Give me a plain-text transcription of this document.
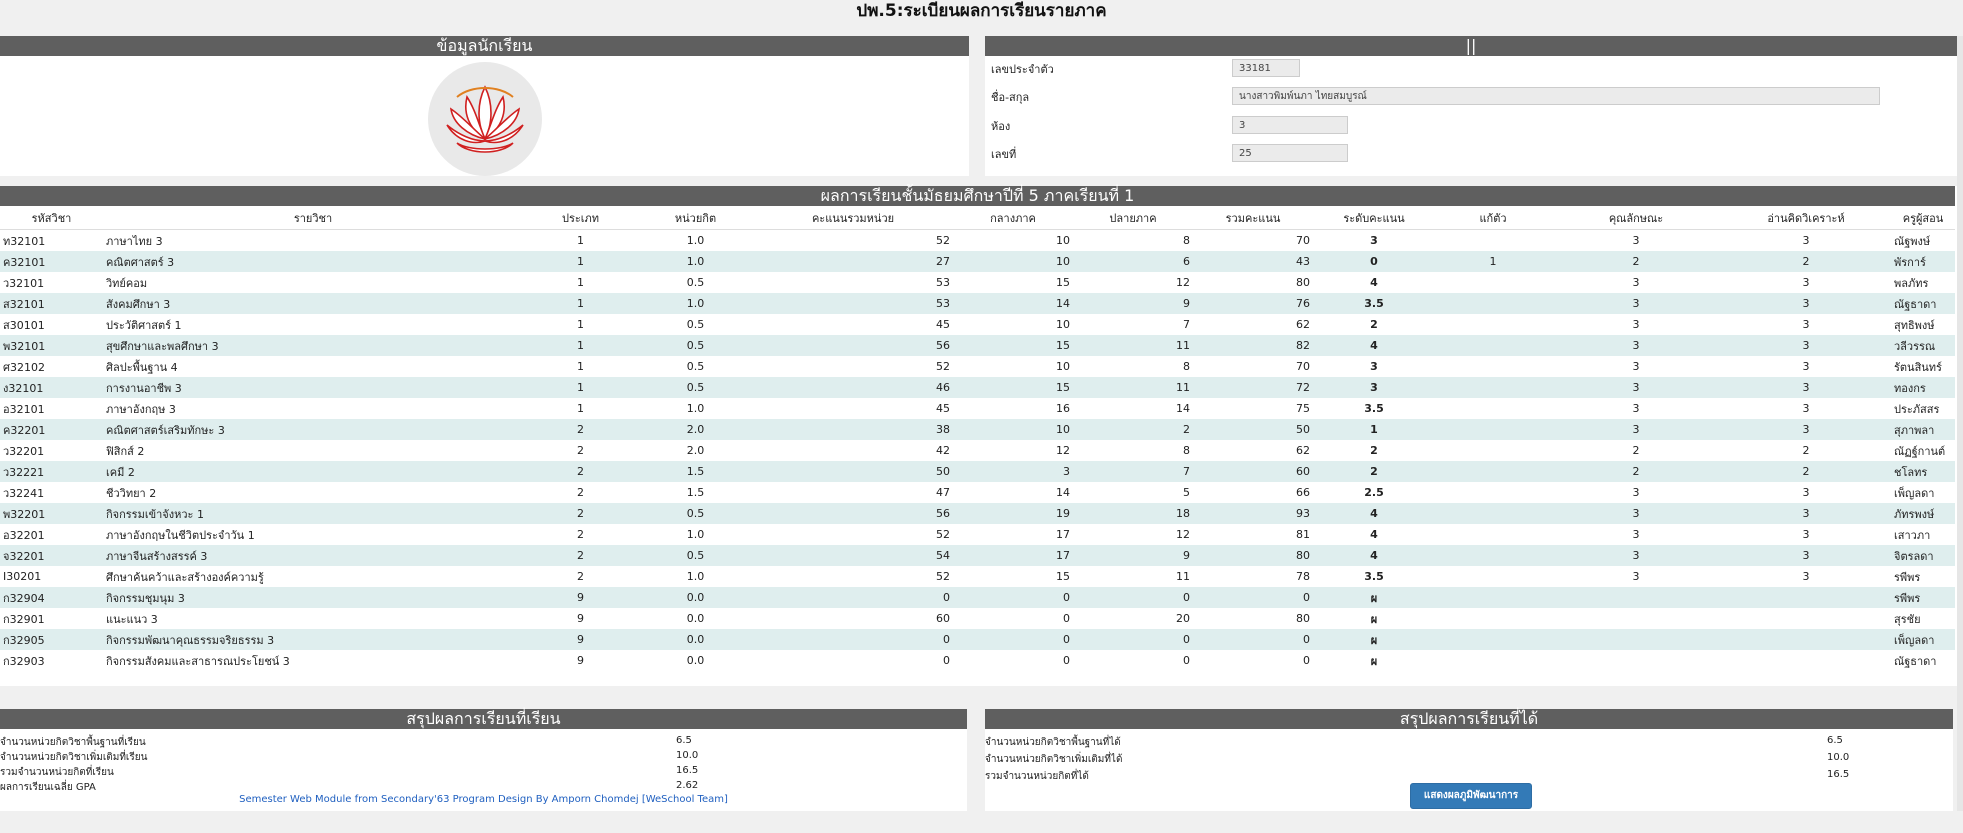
ปพ.5:ระเบียนผลการเรียนรายภาค
ข้อมูลนักเรียน	||
เลขประจำตัว	33181
ชื่อ-สกุล	นางสาวพิมพ์นภา ไทยสมบูรณ์
ห้อง	3
เลขที่	25
ผลการเรียนชั้นมัธยมศึกษาปีที่ 5 ภาคเรียนที่ 1
รหัสวิชา	รายวิชา	ประเภท	หน่วยกิต	คะแนนรวมหน่วย	กลางภาค	ปลายภาค	รวมคะแนน	ระดับคะแนน	แก้ตัว	คุณลักษณะ	อ่านคิดวิเคราะห์	ครูผู้สอน
ท32101	ภาษาไทย 3	1	1.0	52	10	8	70	3		3	3	ณัฐพงษ์
ค32101	คณิตศาสตร์ 3	1	1.0	27	10	6	43	0	1	2	2	พัรการ์
ว32101	วิทย์คอม	1	0.5	53	15	12	80	4		3	3	พลภัทร
ส32101	สังคมศึกษา 3	1	1.0	53	14	9	76	3.5		3	3	ณัฐธาดา
ส30101	ประวัติศาสตร์ 1	1	0.5	45	10	7	62	2		3	3	สุทธิพงษ์
พ32101	สุขศึกษาและพลศึกษา 3	1	0.5	56	15	11	82	4		3	3	วลีวรรณ
ศ32102	ศิลปะพื้นฐาน 4	1	0.5	52	10	8	70	3		3	3	รัตนสินทร์
ง32101	การงานอาชีพ 3	1	0.5	46	15	11	72	3		3	3	ทองกร
อ32101	ภาษาอังกฤษ 3	1	1.0	45	16	14	75	3.5		3	3	ประภัสสร
ค32201	คณิตศาสตร์เสริมทักษะ 3	2	2.0	38	10	2	50	1		3	3	สุภาพลา
ว32201	ฟิสิกส์ 2	2	2.0	42	12	8	62	2		2	2	ณัฏฐ์กานต์
ว32221	เคมี 2	2	1.5	50	3	7	60	2		2	2	ชโลทร
ว32241	ชีววิทยา 2	2	1.5	47	14	5	66	2.5		3	3	เพ็ญลดา
พ32201	กิจกรรมเข้าจังหวะ 1	2	0.5	56	19	18	93	4		3	3	ภัทรพงษ์
อ32201	ภาษาอังกฤษในชีวิตประจำวัน 1	2	1.0	52	17	12	81	4		3	3	เสาวภา
จ32201	ภาษาจีนสร้างสรรค์ 3	2	0.5	54	17	9	80	4		3	3	จิตรลดา
I30201	ศึกษาค้นคว้าและสร้างองค์ความรู้	2	1.0	52	15	11	78	3.5		3	3	รพีพร
ก32904	กิจกรรมชุมนุม 3	9	0.0	0	0	0	0	ผ				รพีพร
ก32901	แนะแนว 3	9	0.0	60	0	20	80	ผ				สุรชัย
ก32905	กิจกรรมพัฒนาคุณธรรมจริยธรรม 3	9	0.0	0	0	0	0	ผ				เพ็ญลดา
ก32903	กิจกรรมสังคมและสาธารณประโยชน์ 3	9	0.0	0	0	0	0	ผ				ณัฐธาดา
สรุปผลการเรียนที่เรียน
จำนวนหน่วยกิตวิชาพื้นฐานที่เรียน	6.5
จำนวนหน่วยกิตวิชาเพิ่มเติมที่เรียน	10.0
รวมจำนวนหน่วยกิตที่เรียน	16.5
ผลการเรียนเฉลี่ย GPA	2.62
Semester Web Module from Secondary'63 Program Design By Amporn Chomdej [WeSchool Team]
สรุปผลการเรียนที่ได้
จำนวนหน่วยกิตวิชาพื้นฐานที่ได้	6.5
จำนวนหน่วยกิตวิชาเพิ่มเติมที่ได้	10.0
รวมจำนวนหน่วยกิตที่ได้	16.5
แสดงผลภูมิพัฒนาการ
